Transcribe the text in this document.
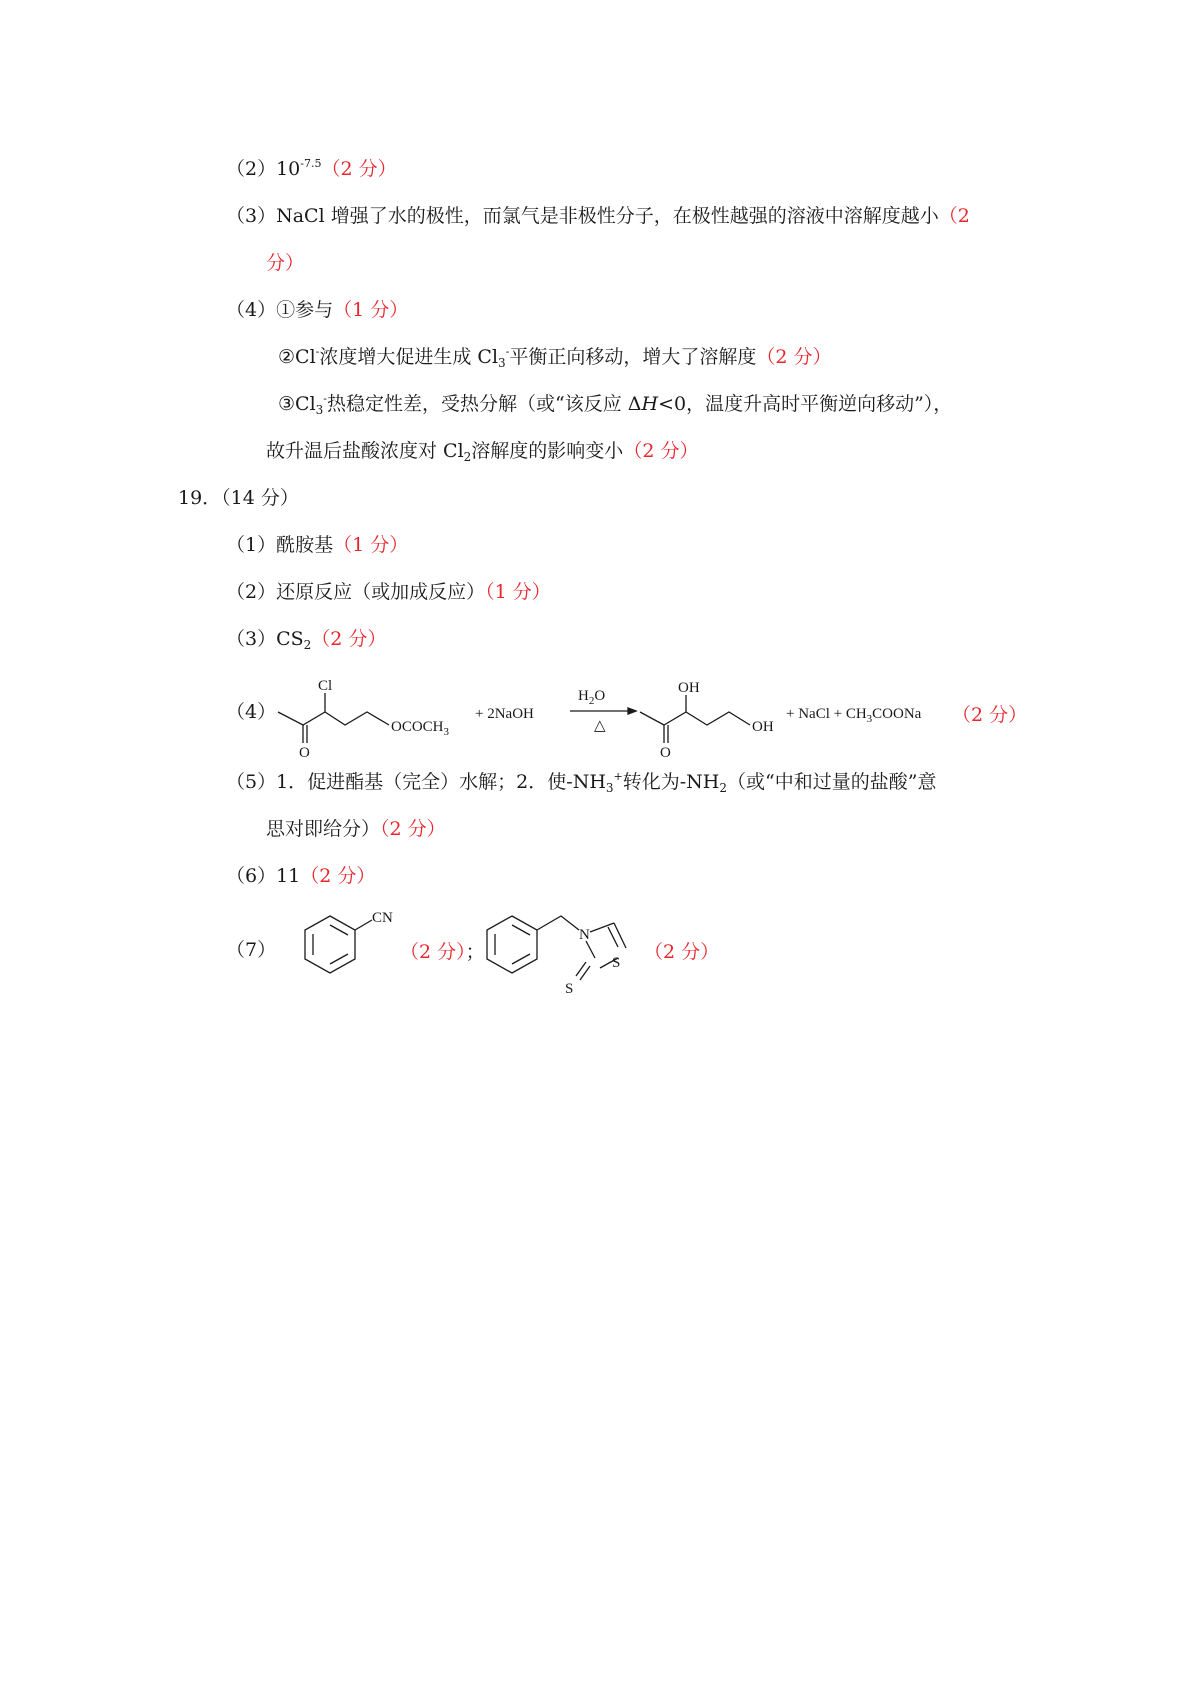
$(2)10^{-7.5}(2$ 分）
（3）NaCl 增强了水的极性，而氯气是非极性分子，在极性越强的溶液中溶解度越小（2
分）
（4）①参与（1 分）
②Cl-浓度增大促进生成 $Cl_3^-$平衡正向移动，增大了溶解度（2 分）
$③Cl_3^-$热稳定性差，受热分解（或“该反应 ΔH<0，温度升高时平衡逆向移动”），
故升温后盐酸浓度对 $Cl_2$溶解度的影响变小（2 分）
19．（14 分）
（1）酰胺基（1 分）
（2）还原反应（或加成反应）（1 分）
$(3)CS_2(2$ 分）
（4）
Cl
O
$OCOCH_3$
+ 2NaOH
$H_2O$
△
OH
OH
O
+ NaCl + $CH_3COONa$ （2 分）
（5）1．促进酯基（完全）水解；2．使$-NH_3^+$转化为$-NH_2$（或“中和过量的盐酸”意
思对即给分）（2 分）
（6）11（2 分）
（7）
CN
（2 分）；
N
S
S
（2 分）
